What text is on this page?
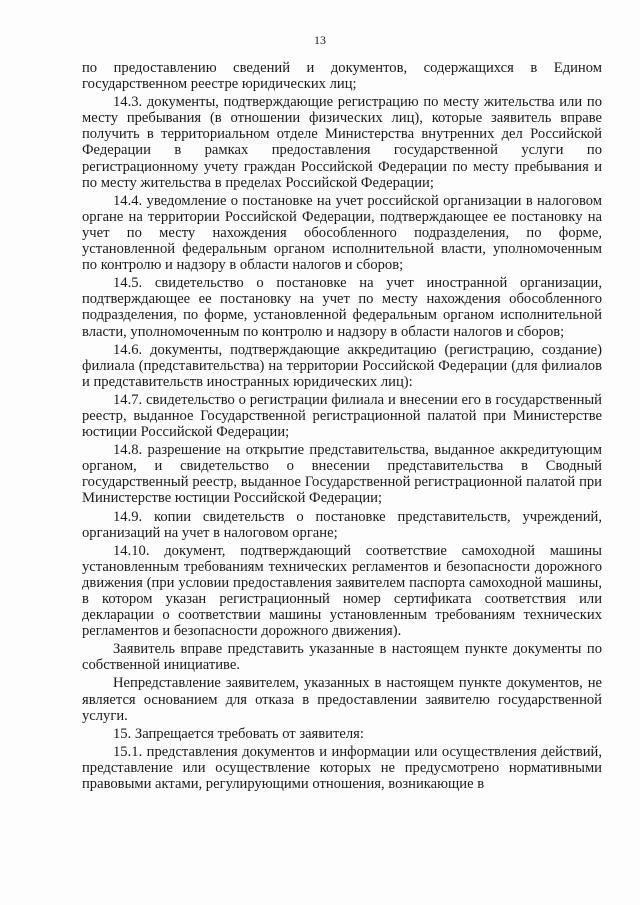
13

по предоставлению сведений и документов, содержащихся в Едином государственном реестре юридических лиц;

14.3. документы, подтверждающие регистрацию по месту жительства или по месту пребывания (в отношении физических лиц), которые заявитель вправе получить в территориальном отделе Министерства внутренних дел Российской Федерации в рамках предоставления государственной услуги по регистрационному учету граждан Российской Федерации по месту пребывания и по месту жительства в пределах Российской Федерации;

14.4. уведомление о постановке на учет российской организации в налоговом органе на территории Российской Федерации, подтверждающее ее постановку на учет по месту нахождения обособленного подразделения, по форме, установленной федеральным органом исполнительной власти, уполномоченным по контролю и надзору в области налогов и сборов;

14.5. свидетельство о постановке на учет иностранной организации, подтверждающее ее постановку на учет по месту нахождения обособленного подразделения, по форме, установленной федеральным органом исполнительной власти, уполномоченным по контролю и надзору в области налогов и сборов;

14.6. документы, подтверждающие аккредитацию (регистрацию, создание) филиала (представительства) на территории Российской Федерации (для филиалов и представительств иностранных юридических лиц):

14.7. свидетельство о регистрации филиала и внесении его в государственный реестр, выданное Государственной регистрационной палатой при Министерстве юстиции Российской Федерации;

14.8. разрешение на открытие представительства, выданное аккредитующим органом, и свидетельство о внесении представительства в Сводный государственный реестр, выданное Государственной регистрационной палатой при Министерстве юстиции Российской Федерации;

14.9. копии свидетельств о постановке представительств, учреждений, организаций на учет в налоговом органе;

14.10. документ, подтверждающий соответствие самоходной машины установленным требованиям технических регламентов и безопасности дорожного движения (при условии предоставления заявителем паспорта самоходной машины, в котором указан регистрационный номер сертификата соответствия или декларации о соответствии машины установленным требованиям технических регламентов и безопасности дорожного движения).

Заявитель вправе представить указанные в настоящем пункте документы по собственной инициативе.

Непредставление заявителем, указанных в настоящем пункте документов, не является основанием для отказа в предоставлении заявителю государственной услуги.

15. Запрещается требовать от заявителя:

15.1. представления документов и информации или осуществления действий, представление или осуществление которых не предусмотрено нормативными правовыми актами, регулирующими отношения, возникающие в
